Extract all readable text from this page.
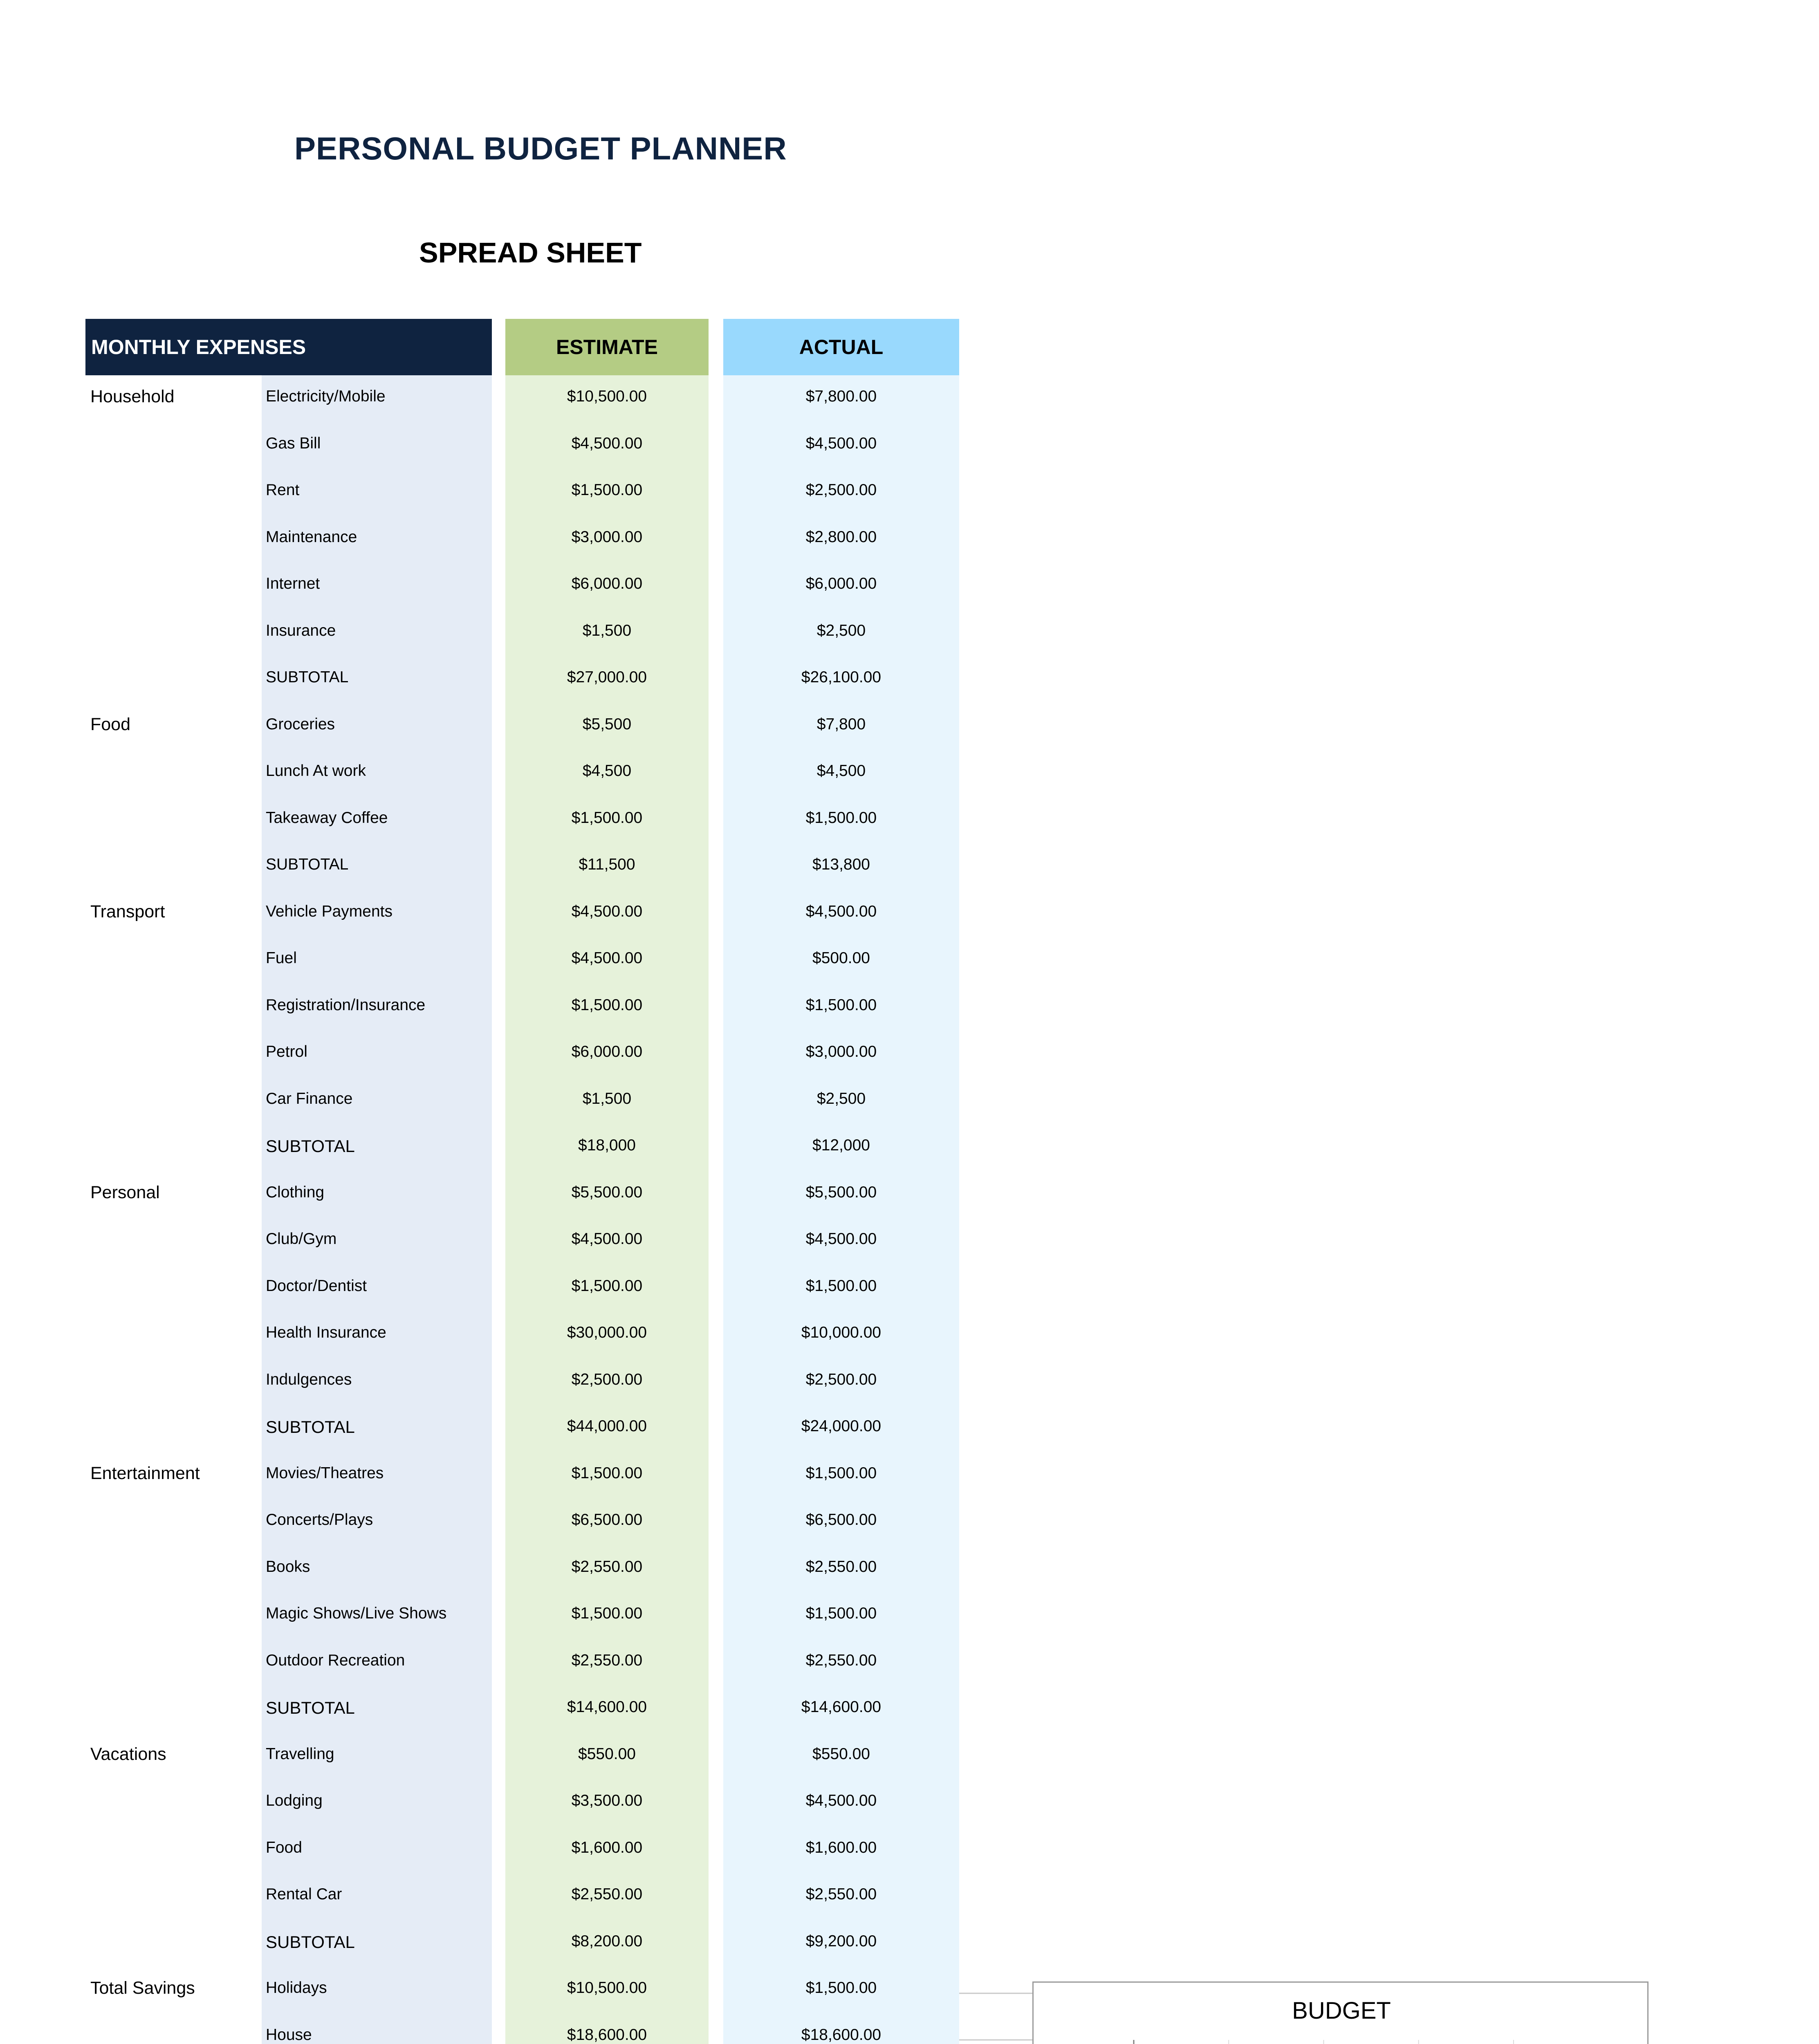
PERSONAL BUDGET PLANNER
SPREAD SHEET
MONTHLY EXPENSES	ESTIMATE	ACTUAL
Household	Electricity/Mobile	$10,500.00	$7,800.00
Gas Bill	$4,500.00	$4,500.00
Rent	$1,500.00	$2,500.00
Maintenance	$3,000.00	$2,800.00
Internet	$6,000.00	$6,000.00
Insurance	$1,500	$2,500
SUBTOTAL	$27,000.00	$26,100.00
Food	Groceries	$5,500	$7,800
Lunch At work	$4,500	$4,500
Takeaway Coffee	$1,500.00	$1,500.00
SUBTOTAL	$11,500	$13,800
Transport	Vehicle Payments	$4,500.00	$4,500.00
Fuel	$4,500.00	$500.00
Registration/Insurance	$1,500.00	$1,500.00
Petrol	$6,000.00	$3,000.00
Car Finance	$1,500	$2,500
SUBTOTAL	$18,000	$12,000
Personal	Clothing	$5,500.00	$5,500.00
Club/Gym	$4,500.00	$4,500.00
Doctor/Dentist	$1,500.00	$1,500.00
Health Insurance	$30,000.00	$10,000.00
Indulgences	$2,500.00	$2,500.00
SUBTOTAL	$44,000.00	$24,000.00
Entertainment	Movies/Theatres	$1,500.00	$1,500.00
Concerts/Plays	$6,500.00	$6,500.00
Books	$2,550.00	$2,550.00
Magic Shows/Live Shows	$1,500.00	$1,500.00
Outdoor Recreation	$2,550.00	$2,550.00
SUBTOTAL	$14,600.00	$14,600.00
Vacations	Travelling	$550.00	$550.00
Lodging	$3,500.00	$4,500.00
Food	$1,600.00	$1,600.00
Rental Car	$2,550.00	$2,550.00
SUBTOTAL	$8,200.00	$9,200.00
Total Savings	Holidays	$10,500.00	$1,500.00
House	$18,600.00	$18,600.00
BUDGET
